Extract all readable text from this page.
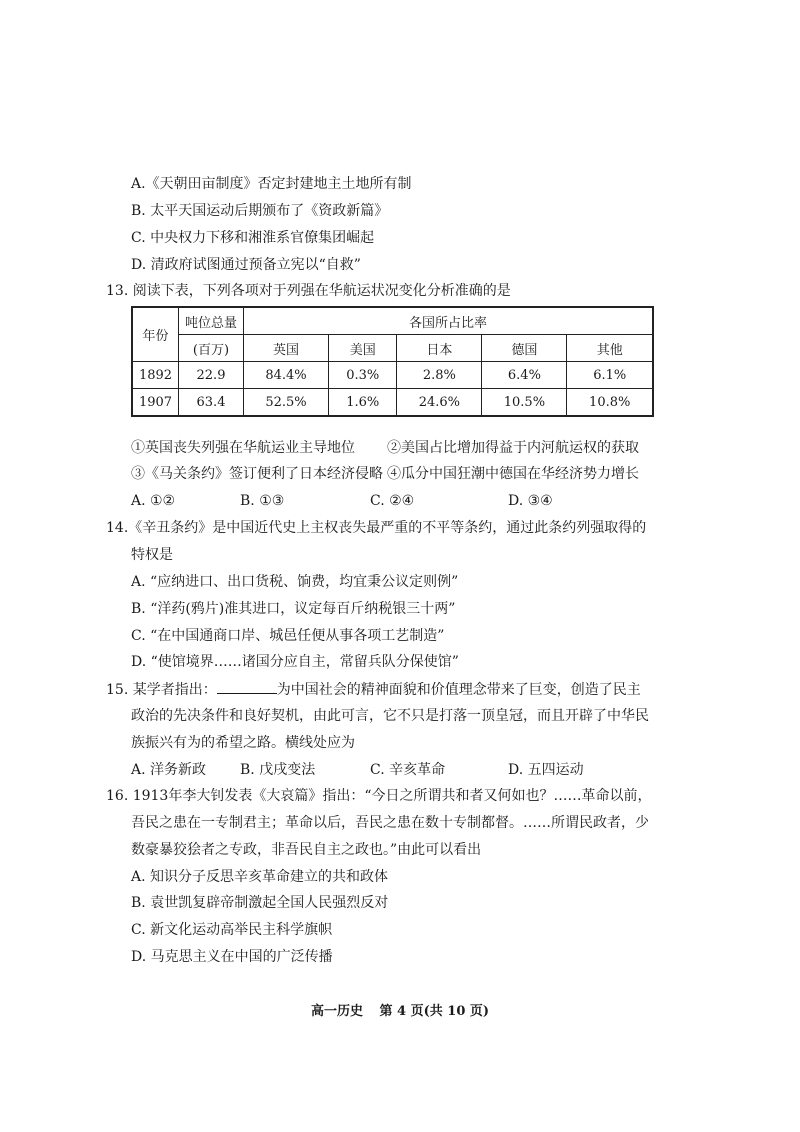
A.《天朝田亩制度》否定封建地主土地所有制
B. 太平天国运动后期颁布了《资政新篇》
C. 中央权力下移和湘淮系官僚集团崛起
D. 清政府试图通过预备立宪以“自救”
13. 阅读下表，下列各项对于列强在华航运状况变化分析准确的是
年份	吨位总量	各国所占比率				
	(百万)	英国	美国	日本	德国	其他
1892	22.9	84.4%	0.3%	2.8%	6.4%	6.1%
1907	63.4	52.5%	1.6%	24.6%	10.5%	10.8%
①英国丧失列强在华航运业主导地位 ②美国占比增加得益于内河航运权的获取
③《马关条约》签订便利了日本经济侵略 ④瓜分中国狂潮中德国在华经济势力增长
A. ①②	B. ①③	C. ②④	D. ③④
14.《辛丑条约》是中国近代史上主权丧失最严重的不平等条约，通过此条约列强取得的
特权是
A. “应纳进口、出口货税、饷费，均宜秉公议定则例”
B. “洋药(鸦片)准其进口，议定每百斤纳税银三十两”
C. “在中国通商口岸、城邑任便从事各项工艺制造”
D. “使馆境界……诸国分应自主，常留兵队分保使馆”
15. 某学者指出：	为中国社会的精神面貌和价值理念带来了巨变，创造了民主
政治的先决条件和良好契机，由此可言，它不只是打落一顶皇冠，而且开辟了中华民
族振兴有为的希望之路。横线处应为
A. 洋务新政 B. 戊戌变法	C. 辛亥革命	D. 五四运动
16. 1913年李大钊发表《大哀篇》指出：“今日之所谓共和者又何如也？……革命以前，
吾民之患在一专制君主；革命以后，吾民之患在数十专制都督。……所谓民政者，少
数豪暴狡狯者之专政，非吾民自主之政也。”由此可以看出
A. 知识分子反思辛亥革命建立的共和政体
B. 袁世凯复辟帝制激起全国人民强烈反对
C. 新文化运动高举民主科学旗帜
D. 马克思主义在中国的广泛传播
高一历史 第 4 页(共 10 页)
